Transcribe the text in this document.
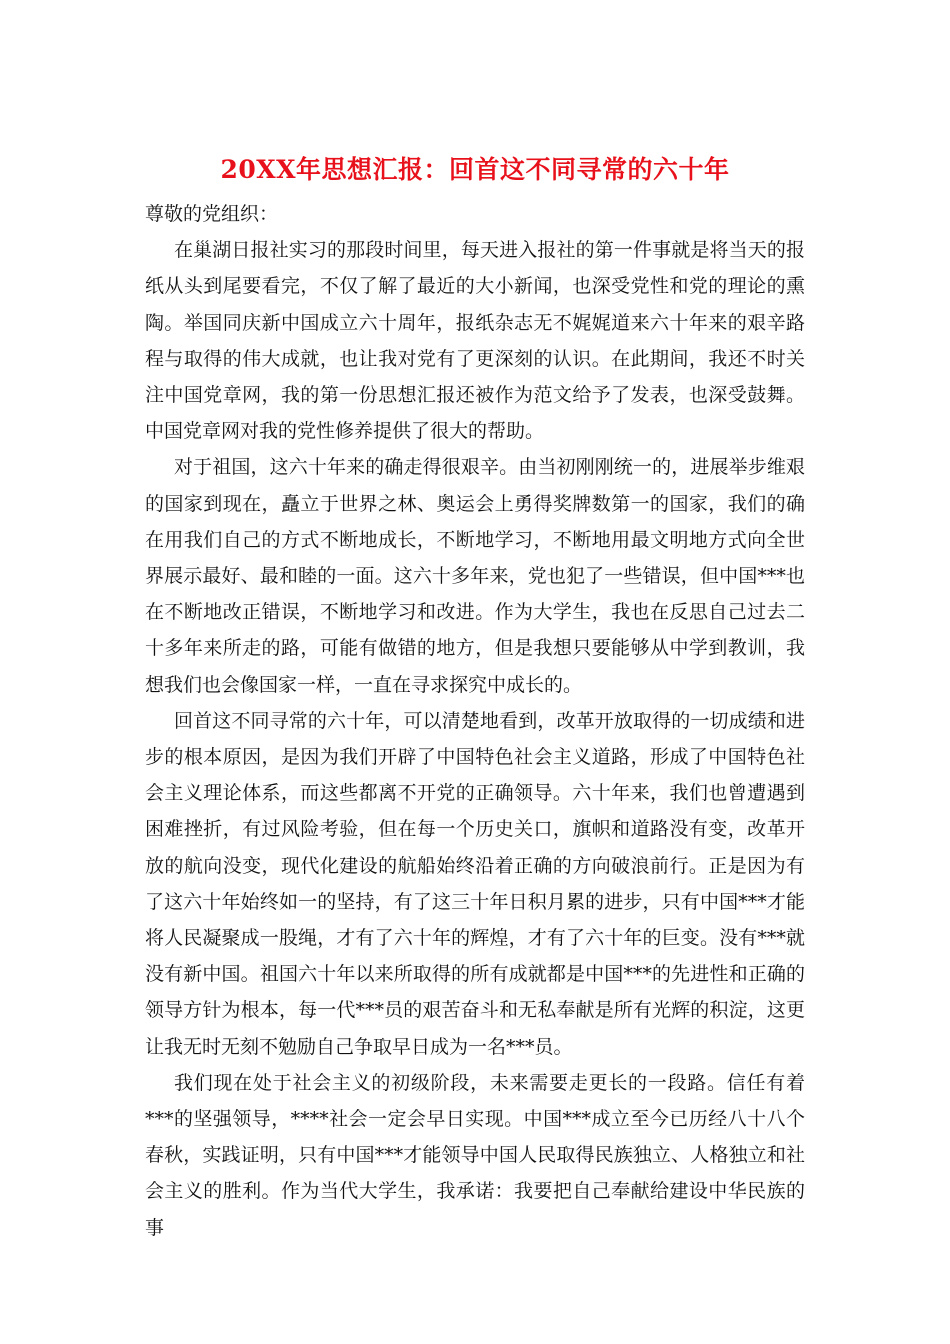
20XX年思想汇报：回首这不同寻常的六十年

尊敬的党组织：

在巢湖日报社实习的那段时间里，每天进入报社的第一件事就是将当天的报纸从头到尾要看完，不仅了解了最近的大小新闻，也深受党性和党的理论的熏陶。举国同庆新中国成立六十周年，报纸杂志无不娓娓道来六十年来的艰辛路程与取得的伟大成就，也让我对党有了更深刻的认识。在此期间，我还不时关注中国党章网，我的第一份思想汇报还被作为范文给予了发表，也深受鼓舞。中国党章网对我的党性修养提供了很大的帮助。

对于祖国，这六十年来的确走得很艰辛。由当初刚刚统一的，进展举步维艰的国家到现在，矗立于世界之林、奥运会上勇得奖牌数第一的国家，我们的确在用我们自己的方式不断地成长，不断地学习，不断地用最文明地方式向全世界展示最好、最和睦的一面。这六十多年来，党也犯了一些错误，但中国***也在不断地改正错误，不断地学习和改进。作为大学生，我也在反思自己过去二十多年来所走的路，可能有做错的地方，但是我想只要能够从中学到教训，我想我们也会像国家一样，一直在寻求探究中成长的。

回首这不同寻常的六十年，可以清楚地看到，改革开放取得的一切成绩和进步的根本原因，是因为我们开辟了中国特色社会主义道路，形成了中国特色社会主义理论体系，而这些都离不开党的正确领导。六十年来，我们也曾遭遇到困难挫折，有过风险考验，但在每一个历史关口，旗帜和道路没有变，改革开放的航向没变，现代化建设的航船始终沿着正确的方向破浪前行。正是因为有了这六十年始终如一的坚持，有了这三十年日积月累的进步，只有中国***才能将人民凝聚成一股绳，才有了六十年的辉煌，才有了六十年的巨变。没有***就没有新中国。祖国六十年以来所取得的所有成就都是中国***的先进性和正确的领导方针为根本，每一代***员的艰苦奋斗和无私奉献是所有光辉的积淀，这更让我无时无刻不勉励自己争取早日成为一名***员。

我们现在处于社会主义的初级阶段，未来需要走更长的一段路。信任有着***的坚强领导，****社会一定会早日实现。中国***成立至今已历经八十八个春秋，实践证明，只有中国***才能领导中国人民取得民族独立、人格独立和社会主义的胜利。作为当代大学生，我承诺：我要把自己奉献给建设中华民族的事
